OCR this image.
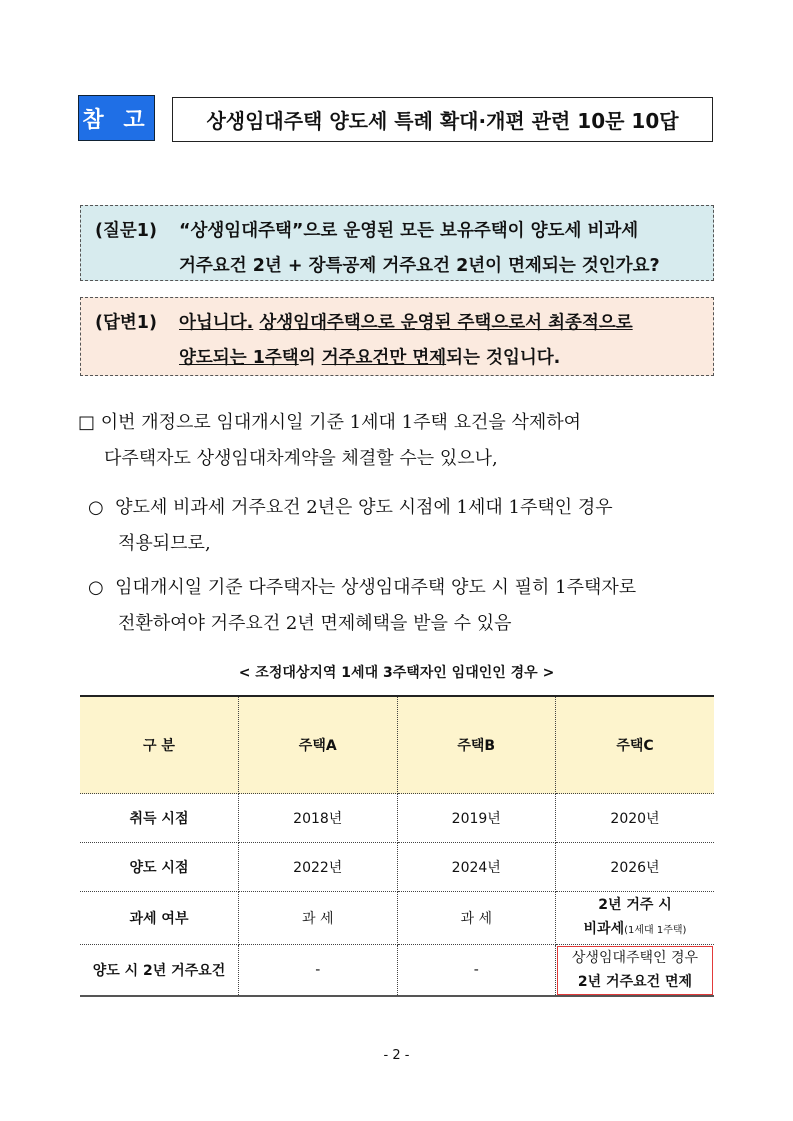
참 고	상생임대주택 양도세 특례 확대·개편 관련 10문 10답
(질문1)	“상생임대주택”으로 운영된 모든 보유주택이 양도세 비과세
거주요건 2년 + 장특공제 거주요건 2년이 면제되는 것인가요?
(답변1)	아닙니다. 상생임대주택으로 운영된 주택으로서 최종적으로
양도되는 1주택의 거주요건만 면제되는 것입니다.
□ 이번 개정으로 임대개시일 기준 1세대 1주택 요건을 삭제하여
다주택자도 상생임대차계약을 체결할 수는 있으나,
○ 양도세 비과세 거주요건 2년은 양도 시점에 1세대 1주택인 경우
적용되므로,
○ 임대개시일 기준 다주택자는 상생임대주택 양도 시 필히 1주택자로
전환하여야 거주요건 2년 면제혜택을 받을 수 있음
< 조정대상지역 1세대 3주택자인 임대인인 경우 >
구 분	주택A	주택B	주택C
취득 시점	2018년	2019년	2020년
양도 시점	2022년	2024년	2026년
과세 여부	과 세	과 세	2년 거주 시
비과세(1세대 1주택)

양도 시 2년 거주요건	-	-	상생임대주택인 경우
2년 거주요건 면제
- 2 -
